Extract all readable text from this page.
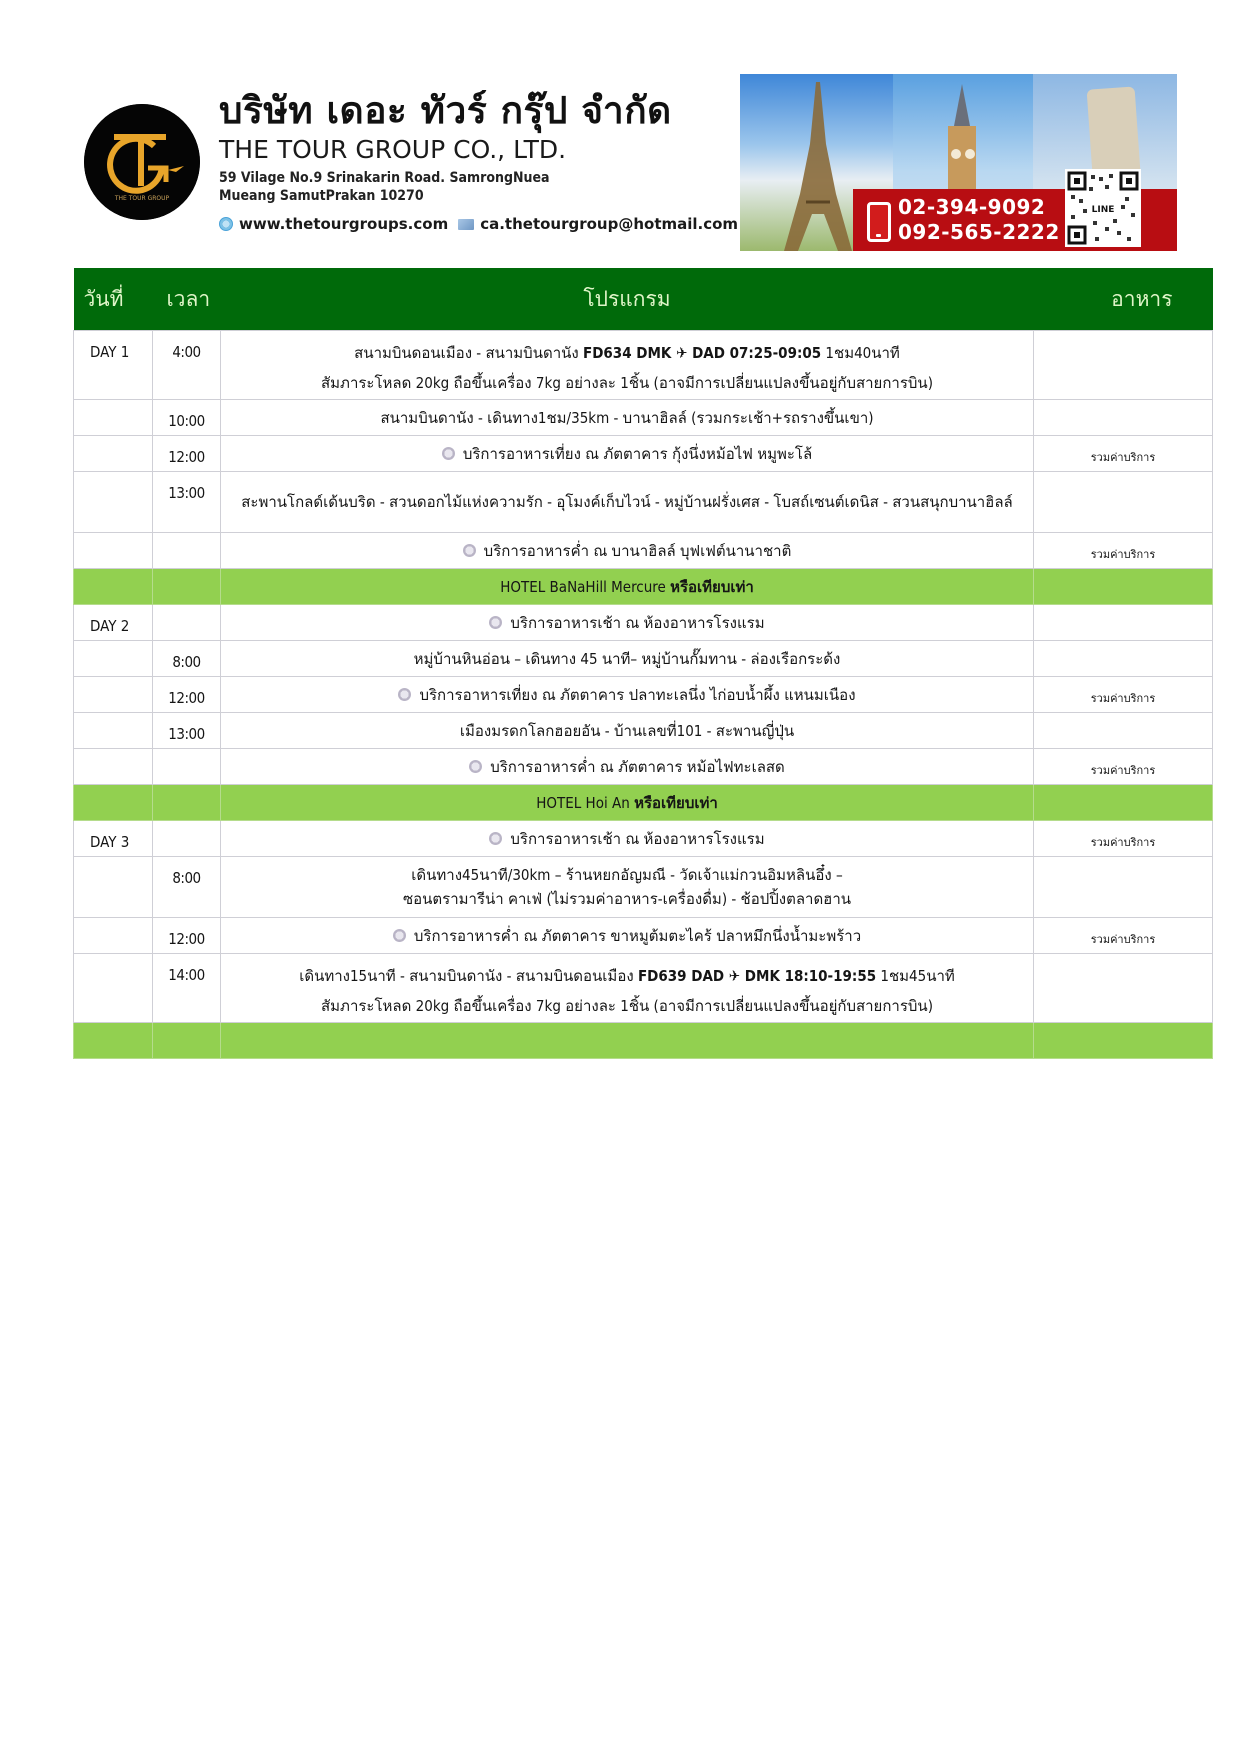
THE TOUR GROUP
บริษัท เดอะ ทัวร์ กรุ๊ป จำกัด
THE TOUR GROUP CO., LTD.
59 Vilage No.9 Srinakarin Road. SamrongNuea
Mueang SamutPrakan 10270
www.thetourgroups.com ca.thetourgroup@hotmail.com
02-394-9092
092-565-2222
LINE
วันที่	เวลา	โปรแกรม	อาหาร
DAY 1	4:00	สนามบินดอนเมือง - สนามบินดานัง FD634 DMK ✈ DAD 07:25-09:05 1ชม40นาที
สัมภาระโหลด 20kg ถือขึ้นเครื่อง 7kg อย่างละ 1ชิ้น (อาจมีการเปลี่ยนแปลงขึ้นอยู่กับสายการบิน)	

	10:00	สนามบินดานัง - เดินทาง1ชม/35km - บานาฮิลล์ (รวมกระเช้า+รถรางขึ้นเขา)	
	12:00	บริการอาหารเที่ยง ณ ภัตตาคาร กุ้งนึ่งหม้อไฟ หมูพะโล้	รวมค่าบริการ
	13:00	สะพานโกลด์เด้นบริด - สวนดอกไม้แห่งความรัก - อุโมงค์เก็บไวน์ - หมู่บ้านฝรั่งเศส - โบสถ์เซนต์เดนิส - สวนสนุกบานาฮิลล์	
		บริการอาหารค่ำ ณ บานาฮิลล์ บุฟเฟต์นานาชาติ	รวมค่าบริการ
		HOTEL BaNaHill Mercure หรือเทียบเท่า	
DAY 2		บริการอาหารเช้า ณ ห้องอาหารโรงแรม	
	8:00	หมู่บ้านหินอ่อน – เดินทาง 45 นาที– หมู่บ้านกั๊มทาน - ล่องเรือกระด้ง	
	12:00	บริการอาหารเที่ยง ณ ภัตตาคาร ปลาทะเลนึ่ง ไก่อบน้ำผึ้ง แหนมเนือง	รวมค่าบริการ
	13:00	เมืองมรดกโลกฮอยอัน - บ้านเลขที่101 - สะพานญี่ปุ่น	
		บริการอาหารค่ำ ณ ภัตตาคาร หม้อไฟทะเลสด	รวมค่าบริการ
		HOTEL Hoi An หรือเทียบเท่า	
DAY 3		บริการอาหารเช้า ณ ห้องอาหารโรงแรม	รวมค่าบริการ
	8:00	เดินทาง45นาที/30km – ร้านหยกอัญมณี - วัดเจ้าแม่กวนอิมหลินอึ๋ง –
ซอนตรามารีน่า คาเฟ่ (ไม่รวมค่าอาหาร-เครื่องดื่ม) - ช้อปปิ้งตลาดฮาน	

	12:00	บริการอาหารค่ำ ณ ภัตตาคาร ขาหมูต้มตะไคร้ ปลาหมึกนึ่งน้ำมะพร้าว	รวมค่าบริการ
	14:00	เดินทาง15นาที - สนามบินดานัง - สนามบินดอนเมือง FD639 DAD ✈ DMK 18:10-19:55 1ชม45นาที
สัมภาระโหลด 20kg ถือขึ้นเครื่อง 7kg อย่างละ 1ชิ้น (อาจมีการเปลี่ยนแปลงขึ้นอยู่กับสายการบิน)	
